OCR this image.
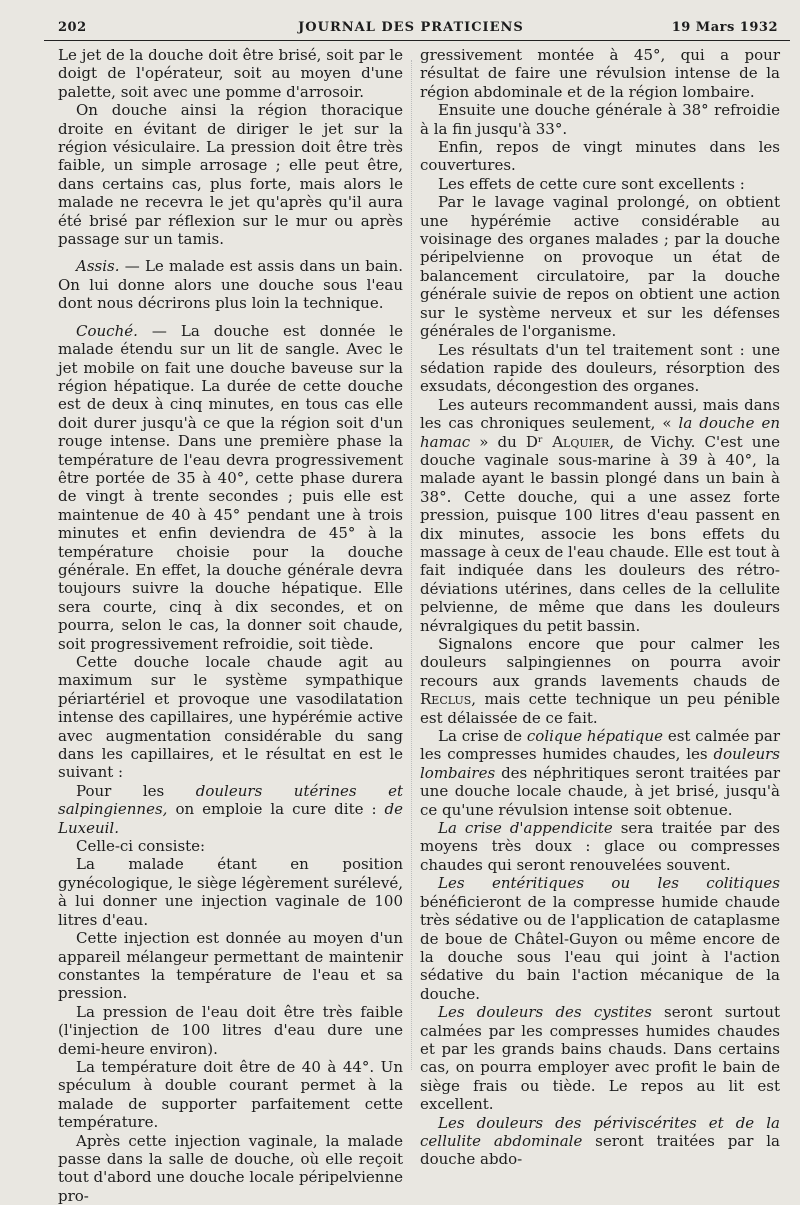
202	JOURNAL DES PRATICIENS	19 Mars 1932

Le jet de la douche doit être brisé, soit par le doigt de l'opérateur, soit au moyen d'une palette, soit avec une pomme d'arrosoir.

On douche ainsi la région thoracique droite en évitant de diriger le jet sur la région vésiculaire. La pression doit être très faible, un simple arrosage ; elle peut être, dans certains cas, plus forte, mais alors le malade ne recevra le jet qu'après qu'il aura été brisé par réflexion sur le mur ou après passage sur un tamis.

Assis. — Le malade est assis dans un bain. On lui donne alors une douche sous l'eau dont nous décrirons plus loin la technique.

Couché. — La douche est donnée le malade étendu sur un lit de sangle. Avec le jet mobile on fait une douche baveuse sur la région hépatique. La durée de cette douche est de deux à cinq minutes, en tous cas elle doit durer jusqu'à ce que la région soit d'un rouge intense. Dans une première phase la température de l'eau devra progressivement être portée de 35 à 40°, cette phase durera de vingt à trente secondes ; puis elle est maintenue de 40 à 45° pendant une à trois minutes et enfin deviendra de 45° à la température choisie pour la douche générale. En effet, la douche générale devra toujours suivre la douche hépatique. Elle sera courte, cinq à dix secondes, et on pourra, selon le cas, la donner soit chaude, soit progressivement refroidie, soit tiède.

Cette douche locale chaude agit au maximum sur le système sympathique périartériel et provoque une vasodilatation intense des capillaires, une hypérémie active avec augmentation considérable du sang dans les capillaires, et le résultat en est le suivant :

Pour les douleurs utérines et salpingiennes, on emploie la cure dite : de Luxeuil.

Celle-ci consiste:

La malade étant en position gynécologique, le siège légèrement surélevé, à lui donner une injection vaginale de 100 litres d'eau.

Cette injection est donnée au moyen d'un appareil mélangeur permettant de maintenir constantes la température de l'eau et sa pression.

La pression de l'eau doit être très faible (l'injection de 100 litres d'eau dure une demi-heure environ).

La température doit être de 40 à 44°. Un spéculum à double courant permet à la malade de supporter parfaitement cette température.

Après cette injection vaginale, la malade passe dans la salle de douche, où elle reçoit tout d'abord une douche locale péripelvienne pro-

gressivement montée à 45°, qui a pour résultat de faire une révulsion intense de la région abdominale et de la région lombaire.

Ensuite une douche générale à 38° refroidie à la fin jusqu'à 33°.

Enfin, repos de vingt minutes dans les couvertures.

Les effets de cette cure sont excellents :

Par le lavage vaginal prolongé, on obtient une hypérémie active considérable au voisinage des organes malades ; par la douche péripelvienne on provoque un état de balancement circulatoire, par la douche générale suivie de repos on obtient une action sur le système nerveux et sur les défenses générales de l'organisme.

Les résultats d'un tel traitement sont : une sédation rapide des douleurs, résorption des exsudats, décongestion des organes.

Les auteurs recommandent aussi, mais dans les cas chroniques seulement, « la douche en hamac » du Dʳ Alquier, de Vichy. C'est une douche vaginale sous-marine à 39 à 40°, la malade ayant le bassin plongé dans un bain à 38°. Cette douche, qui a une assez forte pression, puisque 100 litres d'eau passent en dix minutes, associe les bons effets du massage à ceux de l'eau chaude. Elle est tout à fait indiquée dans les douleurs des rétro-déviations utérines, dans celles de la cellulite pelvienne, de même que dans les douleurs névralgiques du petit bassin.

Signalons encore que pour calmer les douleurs salpingiennes on pourra avoir recours aux grands lavements chauds de Reclus, mais cette technique un peu pénible est délaissée de ce fait.

La crise de colique hépatique est calmée par les compresses humides chaudes, les douleurs lombaires des néphritiques seront traitées par une douche locale chaude, à jet brisé, jusqu'à ce qu'une révulsion intense soit obtenue.

La crise d'appendicite sera traitée par des moyens très doux : glace ou compresses chaudes qui seront renouvelées souvent.

Les entéritiques ou les colitiques bénéficieront de la compresse humide chaude très sédative ou de l'application de cataplasme de boue de Châtel-Guyon ou même encore de la douche sous l'eau qui joint à l'action sédative du bain l'action mécanique de la douche.

Les douleurs des cystites seront surtout calmées par les compresses humides chaudes et par les grands bains chauds. Dans certains cas, on pourra employer avec profit le bain de siège frais ou tiède. Le repos au lit est excellent.

Les douleurs des périviscérites et de la cellulite abdominale seront traitées par la douche abdo-
